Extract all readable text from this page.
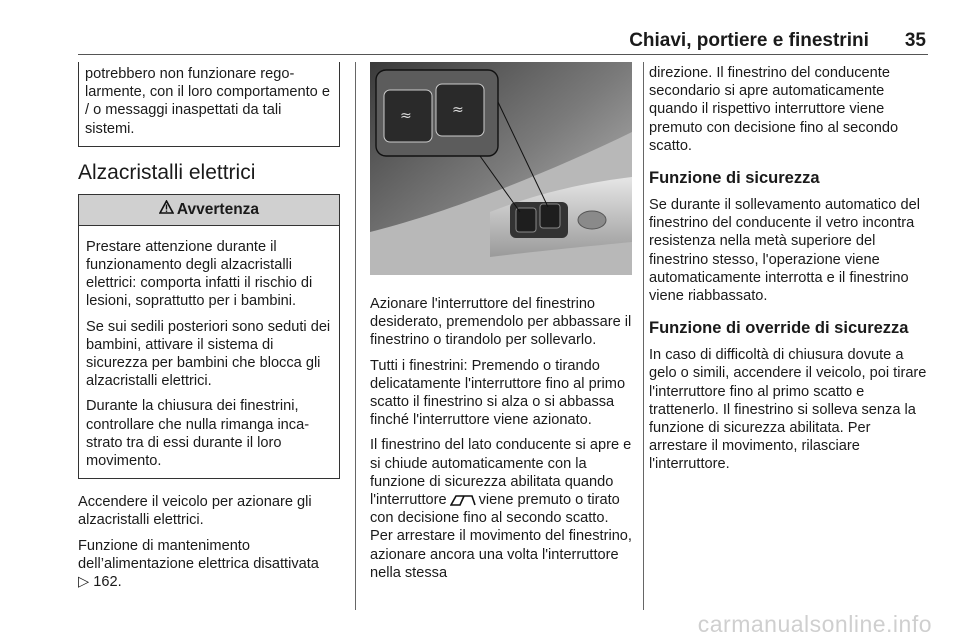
Chiavi, portiere e finestrini 35

potrebbero non funzionare regolarmente, con il loro comportamento e / o messaggi inaspettati da tali sistemi.

Alzacristalli elettrici
Avvertenza

Prestare attenzione durante il funzionamento degli alzacristalli elettrici: comporta infatti il rischio di lesioni, soprattutto per i bambini.

Se sui sedili posteriori sono seduti dei bambini, attivare il sistema di sicurezza per bambini che blocca gli alzacristalli elettrici.

Durante la chiusura dei finestrini, controllare che nulla rimanga incastrato tra di essi durante il loro movimento.

Accendere il veicolo per azionare gli alzacristalli elettrici.

Funzione di mantenimento dell’alimentazione elettrica disattivata
▷ 162.

≈	≈

Azionare l'interruttore del finestrino desiderato, premendolo per abbassare il finestrino o tirandolo per sollevarlo.

Tutti i finestrini: Premendo o tirando delicatamente l'interruttore fino al primo scatto il finestrino si alza o si abbassa finché l'interruttore viene azionato.

Il finestrino del lato conducente si apre e si chiude automaticamente con la funzione di sicurezza abilitata quando l'interruttore viene premuto o tirato con decisione fino al secondo scatto. Per arrestare il movimento del finestrino, azionare ancora una volta l'interruttore nella stessa

direzione. Il finestrino del conducente secondario si apre automaticamente quando il rispettivo interruttore viene premuto con decisione fino al secondo scatto.

Funzione di sicurezza

Se durante il sollevamento automatico del finestrino del conducente il vetro incontra resistenza nella metà superiore del finestrino stesso, l'operazione viene automaticamente interrotta e il finestrino viene riabbassato.

Funzione di override di sicurezza

In caso di difficoltà di chiusura dovute a gelo o simili, accendere il veicolo, poi tirare l'interruttore fino al primo scatto e trattenerlo. Il finestrino si solleva senza la funzione di sicurezza abilitata. Per arrestare il movimento, rilasciare l'interruttore.

carmanualsonline.info
